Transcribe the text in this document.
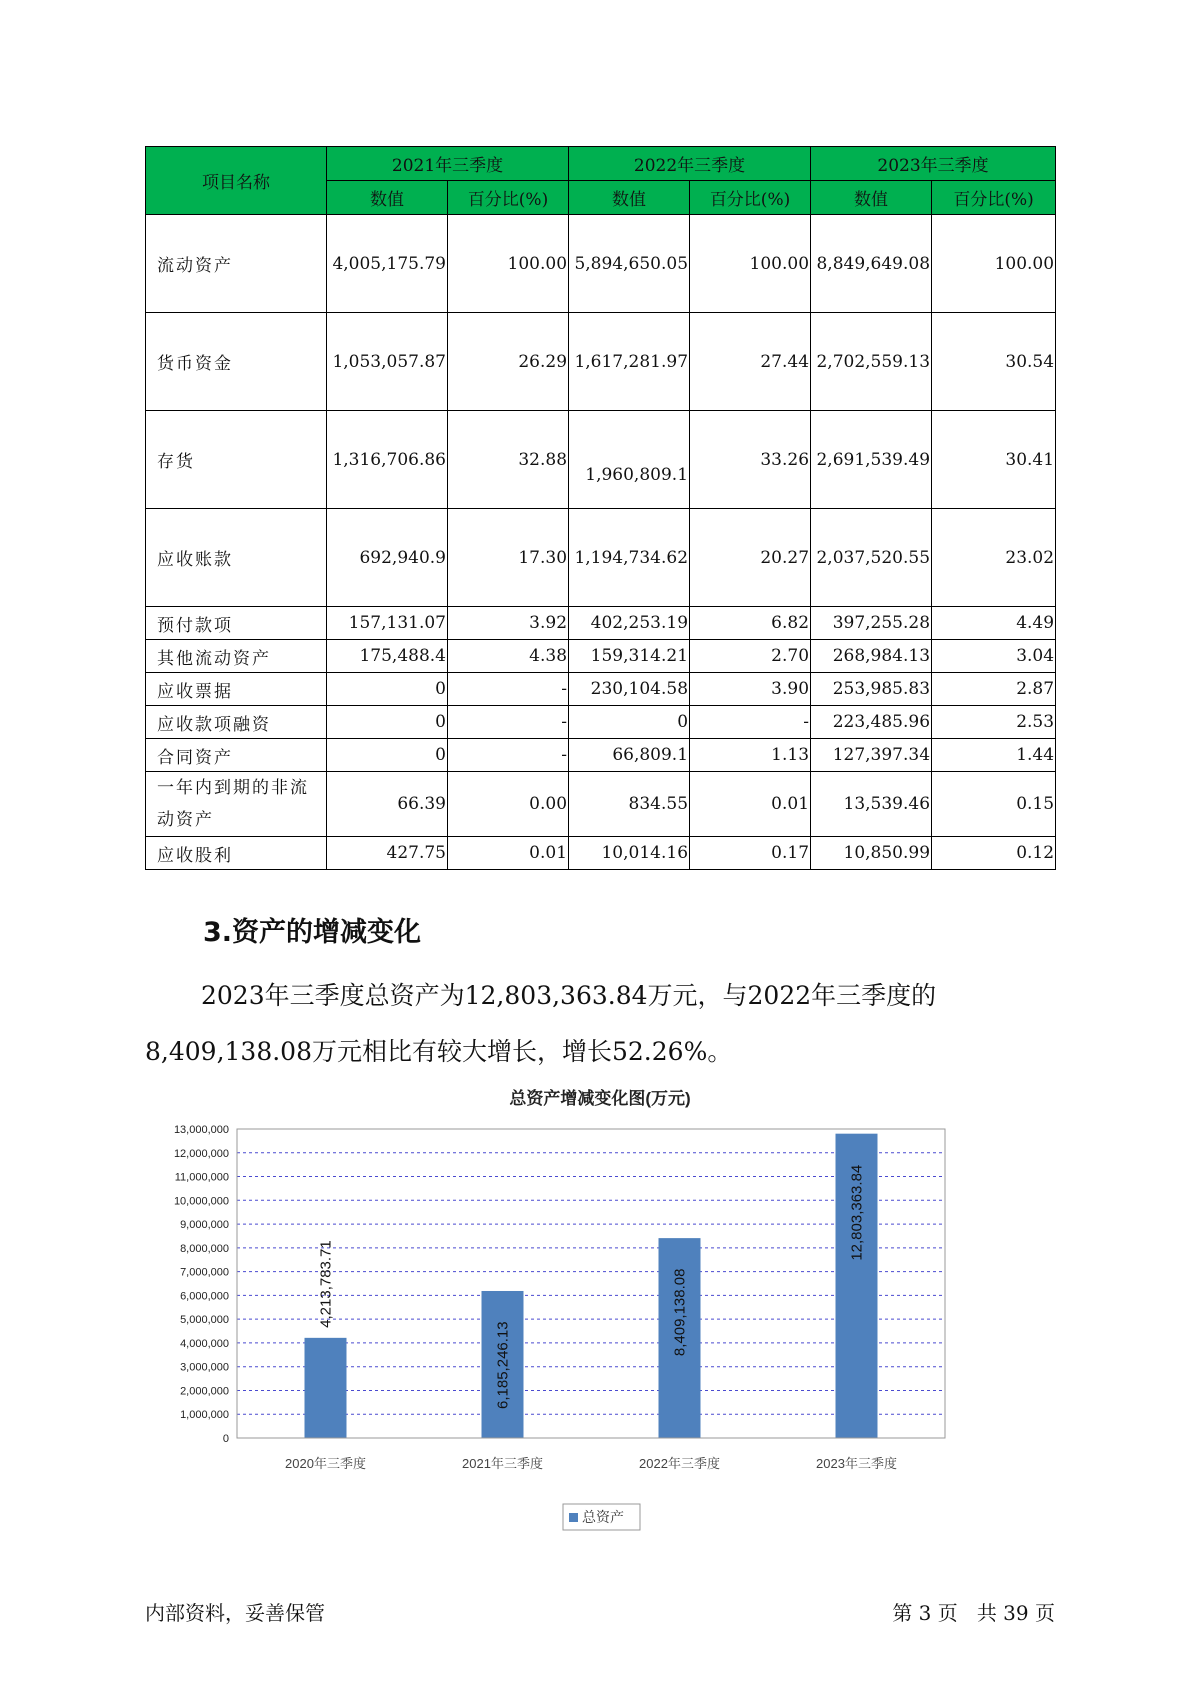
项目名称	2021年三季度		2022年三季度		2023年三季度	
	数值	百分比(%)	数值	百分比(%)	数值	百分比(%)
流动资产	4,005,175.79	100.00	5,894,650.05	100.00	8,849,649.08	100.00
货币资金	1,053,057.87	26.29	1,617,281.97	27.44	2,702,559.13	30.54
存货	1,316,706.86	32.88	1,960,809.1	33.26	2,691,539.49	30.41
应收账款	692,940.9	17.30	1,194,734.62	20.27	2,037,520.55	23.02
预付款项	157,131.07	3.92	402,253.19	6.82	397,255.28	4.49
其他流动资产	175,488.4	4.38	159,314.21	2.70	268,984.13	3.04
应收票据	0	-	230,104.58	3.90	253,985.83	2.87
应收款项融资	0	-	0	-	223,485.96	2.53
合同资产	0	-	66,809.1	1.13	127,397.34	1.44

一年内到期的非流动资产	66.39	0.00	834.55	0.01	13,539.46	0.15
应收股利	427.75	0.01	10,014.16	0.17	10,850.99	0.12
3.资产的增减变化

2023年三季度总资产为12,803,363.84万元，与2022年三季度的8,409,138.08万元相比有较大增长，增长52.26%。

总资产增减变化图(万元)
0
1,000,000
2,000,000
3,000,000
4,000,000
5,000,000
6,000,000
7,000,000
8,000,000
9,000,000
10,000,000
11,000,000
12,000,000
13,000,000
4,213,783.71
6,185,246.13
8,409,138.08
12,803,363.84
2020年三季度	2021年三季度	2022年三季度	2023年三季度
总资产
内部资料，妥善保管	第 3 页   共 39 页
